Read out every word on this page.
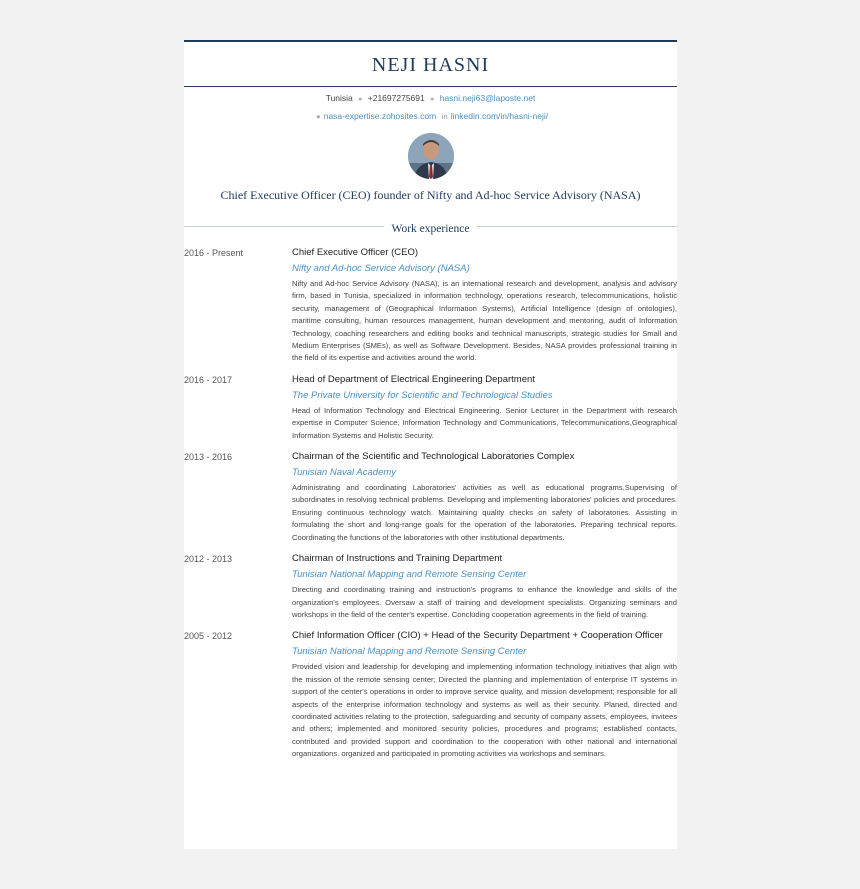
NEJI HASNI
Tunisia ● +21697275691 ● hasni.neji63@laposte.net
● nasa-expertise.zohosites.com in linkedin.com/in/hasni-neji/
Chief Executive Officer (CEO) founder of Nifty and Ad-hoc Service Advisory (NASA)
Work experience
2016 - Present	Chief Executive Officer (CEO)
Nifty and Ad-hoc Service Advisory (NASA)
Nifty and Ad-hoc Service Advisory (NASA), is an international research and development, analysis and advisory firm, based in Tunisia, specialized in information technology, operations research, telecommunications, holistic security, management of (Geographical Information Systems), Artificial Intelligence (design of ontologies), maritime consulting, human resources management, human development and mentoring, audit of Information Technology, coaching researchers and editing books and technical manuscripts, strategic studies for Small and Medium Enterprises (SMEs), as well as Software Development. Besides, NASA provides professional training in the field of its expertise and activities around the world.
2016 - 2017	Head of Department of Electrical Engineering Department
The Private University for Scientific and Technological Studies
Head of Information Technology and Electrical Engineering. Senior Lecturer in the Department with research expertise in Computer Science, Information Technology and Communications, Telecommunications,Geographical Information Systems and Holistic Security.
2013 - 2016	Chairman of the Scientific and Technological Laboratories Complex
Tunisian Naval Academy
Administrating and coordinating Laboratories' activities as well as educational programs.Supervising of subordinates in resolving technical problems. Developing and implementing laboratories' policies and procedures. Ensuring continuous technology watch. Maintaining quality checks on safety of laboratories. Assisting in formulating the short and long-range goals for the operation of the laboratories. Preparing technical reports. Coordinating the functions of the laboratories with other institutional departments.
2012 - 2013	Chairman of Instructions and Training Department
Tunisian National Mapping and Remote Sensing Center
Directing and coordinating training and instruction's programs to enhance the knowledge and skills of the organization's employees. Oversaw a staff of training and development specialists. Organizing seminars and workshops in the field of the center's expertise. Concluding cooperation agreements in the field of training.
2005 - 2012	Chief Information Officer (CIO) + Head of the Security Department + Cooperation Officer
Tunisian National Mapping and Remote Sensing Center
Provided vision and leadership for developing and implementing information technology initiatives that align with the mission of the remote sensing center; Directed the planning and implementation of enterprise IT systems in support of the center's operations in order to improve service quality, and mission development; responsible for all aspects of the enterprise information technology and systems as well as their security. Planed, directed and coordinated activities relating to the protection, safeguarding and security of company assets, employees, invitees and others; implemented and monitored security policies, procedures and programs; established contacts, contributed and provided support and coordination to the cooperation with other national and international organizations. organized and participated in promoting activities via workshops and seminars.
